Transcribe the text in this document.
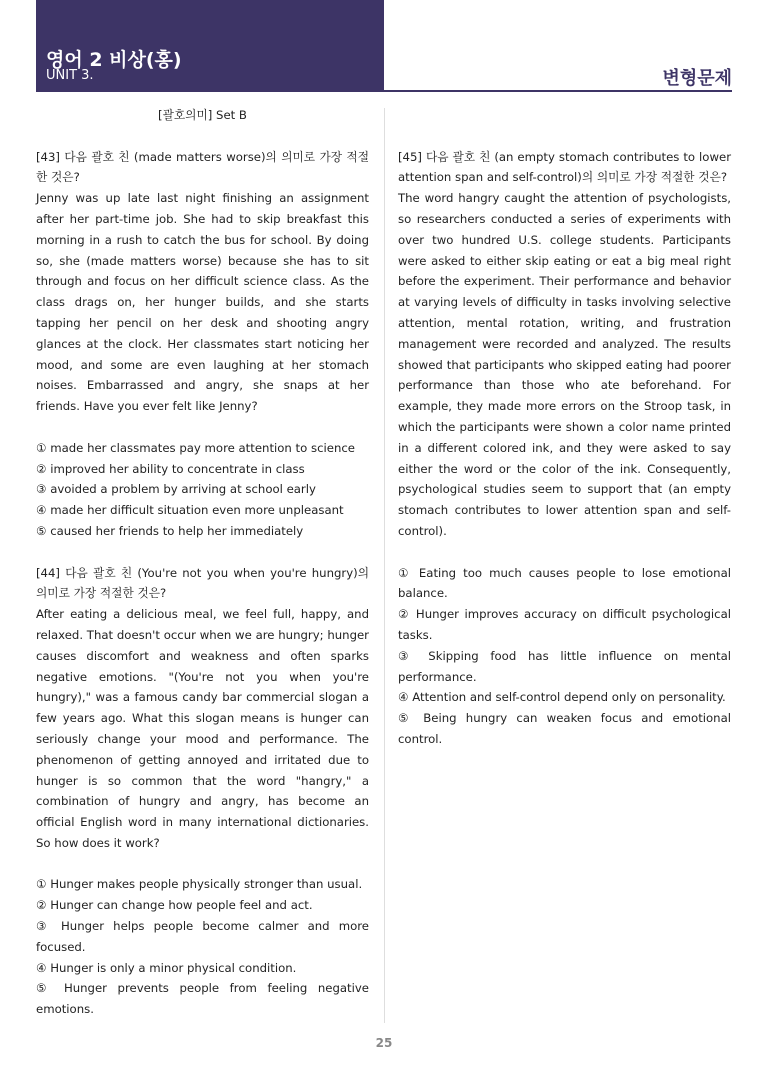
영어 2 비상(홍)
UNIT 3.	변형문제
[괄호의미] Set B
[43] 다음 괄호 친 (made matters worse)의 의미로 가장 적절한 것은?
Jenny was up late last night finishing an assignment after her part-time job. She had to skip breakfast this morning in a rush to catch the bus for school. By doing so, she (made matters worse) because she has to sit through and focus on her difficult science class. As the class drags on, her hunger builds, and she starts tapping her pencil on her desk and shooting angry glances at the clock. Her classmates start noticing her mood, and some are even laughing at her stomach noises. Embarrassed and angry, she snaps at her friends. Have you ever felt like Jenny?
① made her classmates pay more attention to science
② improved her ability to concentrate in class
③ avoided a problem by arriving at school early
④ made her difficult situation even more unpleasant
⑤ caused her friends to help her immediately
[44] 다음 괄호 친 (You're not you when you're hungry)의 의미로 가장 적절한 것은?
After eating a delicious meal, we feel full, happy, and relaxed. That doesn't occur when we are hungry; hunger causes discomfort and weakness and often sparks negative emotions. "(You're not you when you're hungry)," was a famous candy bar commercial slogan a few years ago. What this slogan means is hunger can seriously change your mood and performance. The phenomenon of getting annoyed and irritated due to hunger is so common that the word "hangry," a combination of hungry and angry, has become an official English word in many international dictionaries. So how does it work?
① Hunger makes people physically stronger than usual.
② Hunger can change how people feel and act.
③ Hunger helps people become calmer and more focused.
④ Hunger is only a minor physical condition.
⑤ Hunger prevents people from feeling negative emotions.
[45] 다음 괄호 친 (an empty stomach contributes to lower attention span and self-control)의 의미로 가장 적절한 것은?
The word hangry caught the attention of psychologists, so researchers conducted a series of experiments with over two hundred U.S. college students. Participants were asked to either skip eating or eat a big meal right before the experiment. Their performance and behavior at varying levels of difficulty in tasks involving selective attention, mental rotation, writing, and frustration management were recorded and analyzed. The results showed that participants who skipped eating had poorer performance than those who ate beforehand. For example, they made more errors on the Stroop task, in which the participants were shown a color name printed in a different colored ink, and they were asked to say either the word or the color of the ink. Consequently, psychological studies seem to support that (an empty stomach contributes to lower attention span and self-control).
① Eating too much causes people to lose emotional balance.
② Hunger improves accuracy on difficult psychological tasks.
③ Skipping food has little influence on mental performance.
④ Attention and self-control depend only on personality.
⑤ Being hungry can weaken focus and emotional control.
25
